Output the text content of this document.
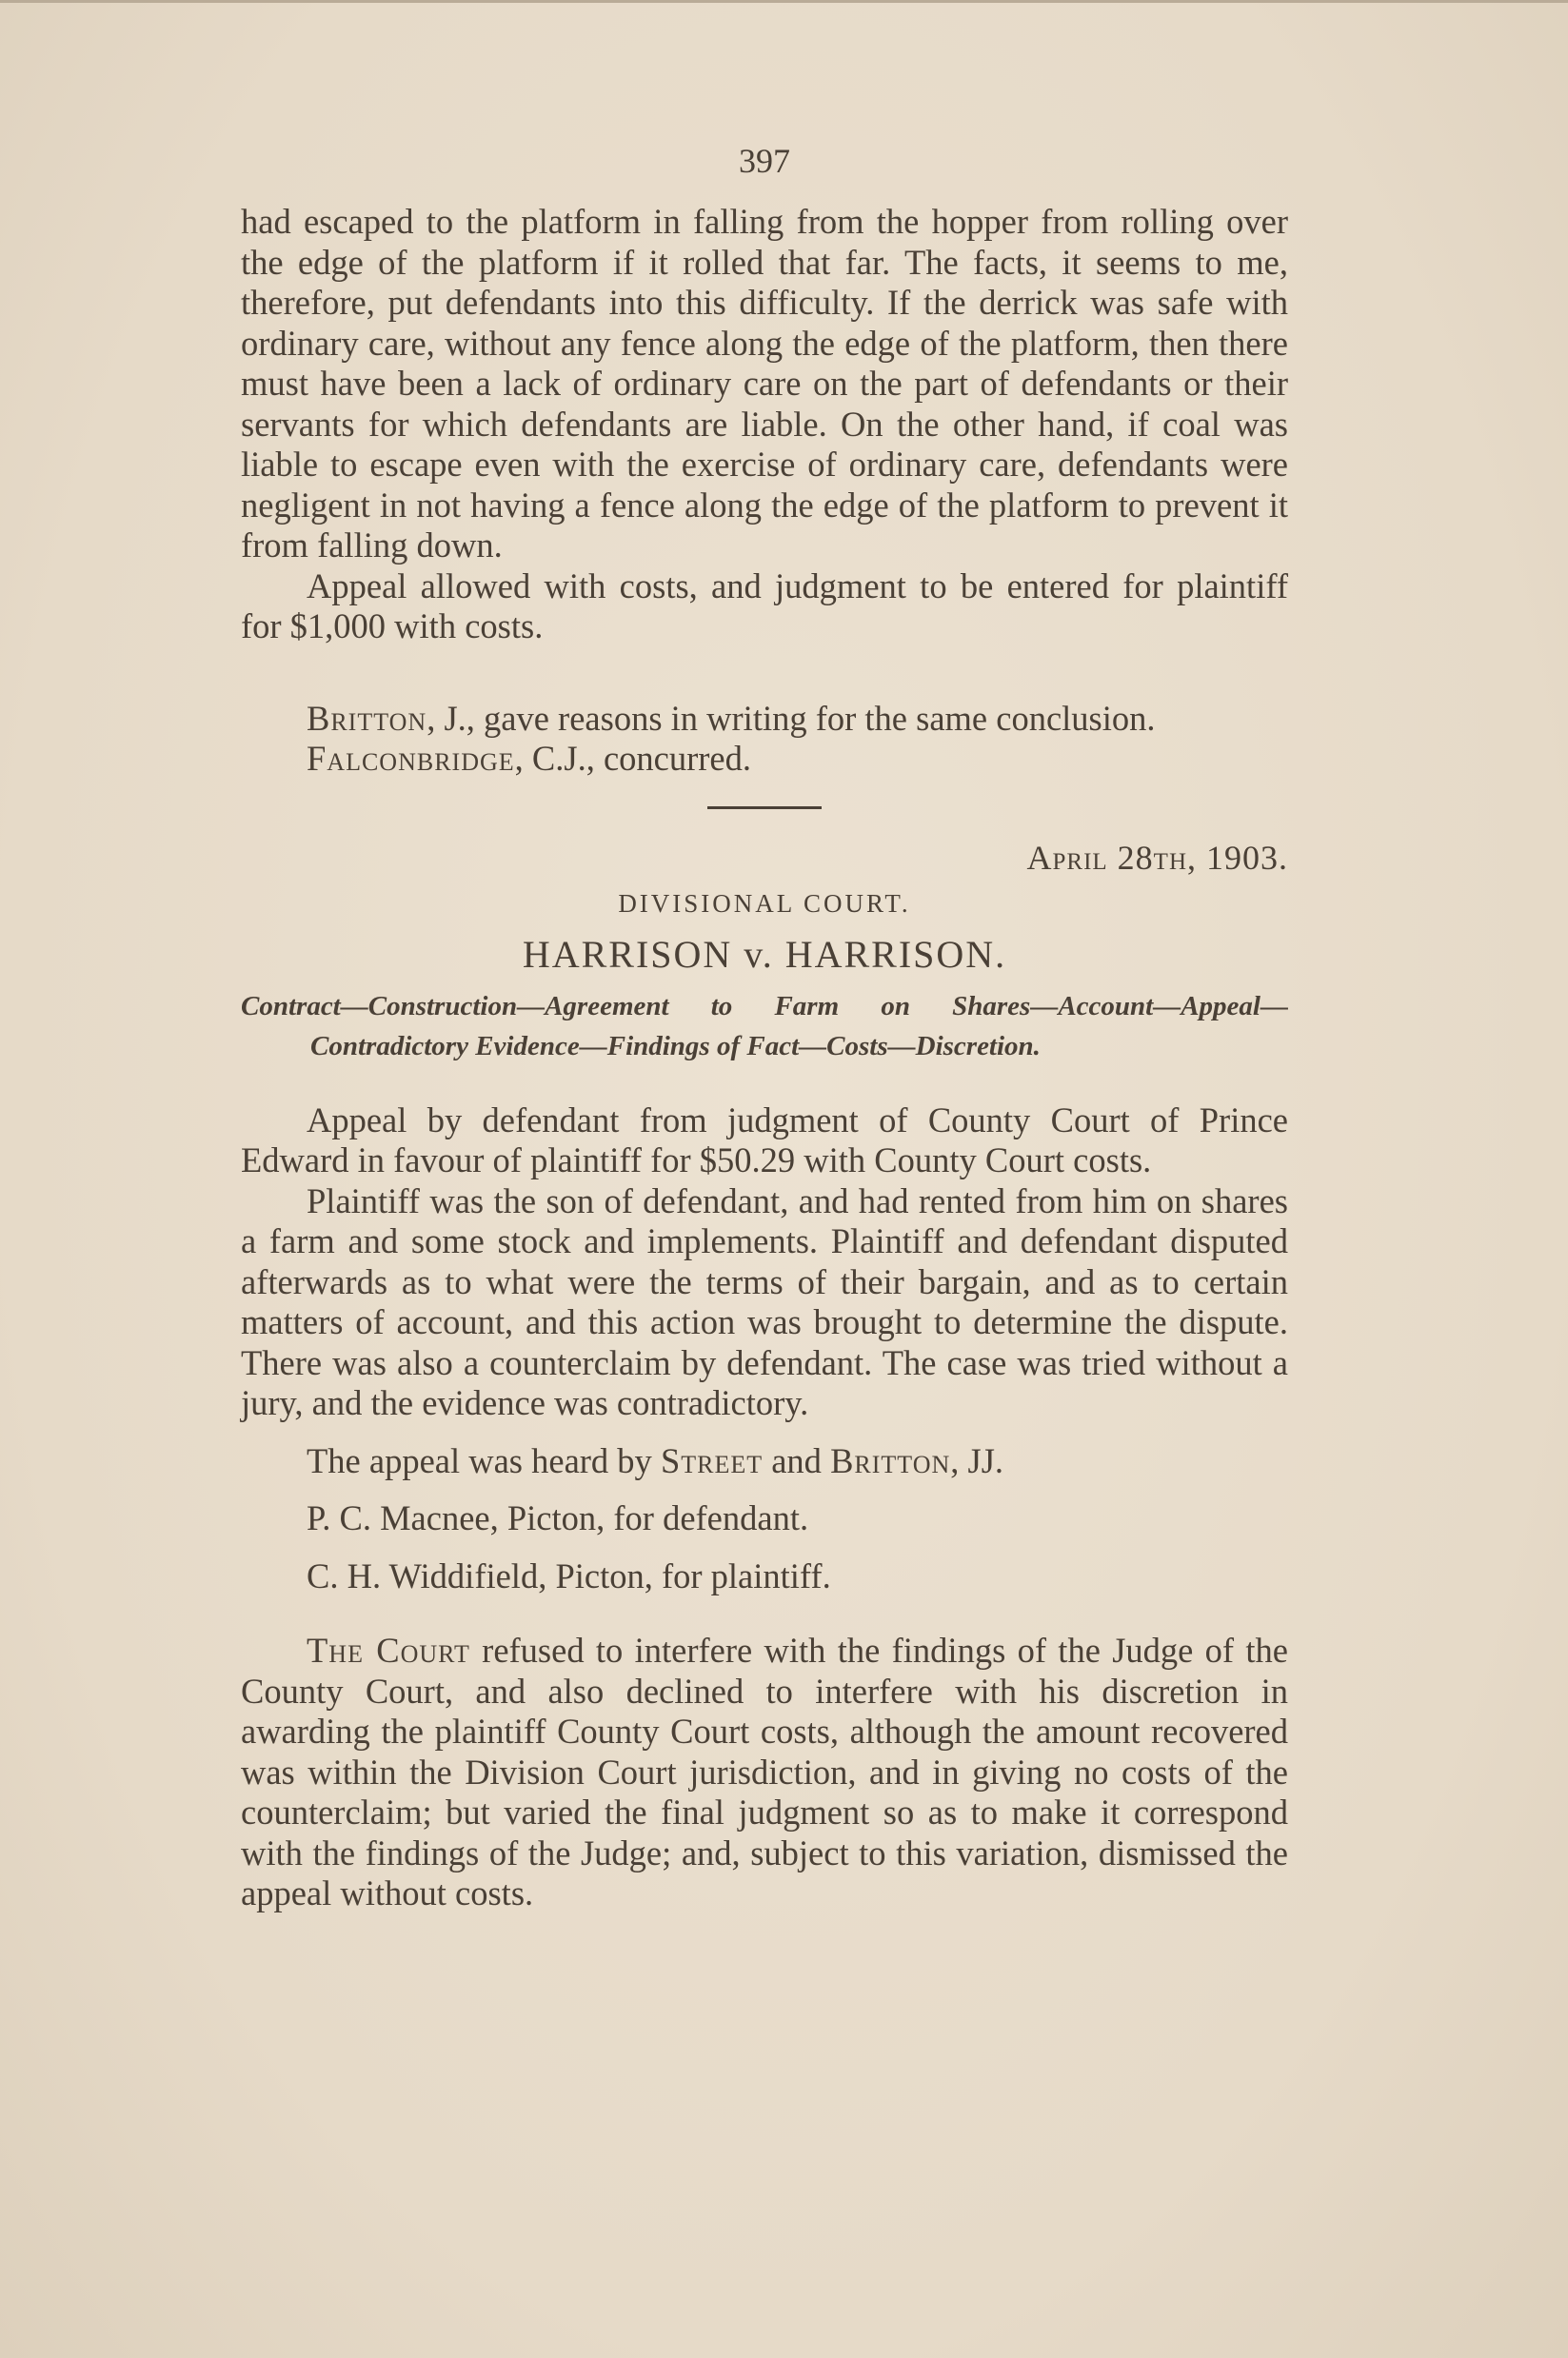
397

had escaped to the platform in falling from the hopper from rolling over the edge of the platform if it rolled that far. The facts, it seems to me, therefore, put defendants into this difficulty. If the derrick was safe with ordinary care, without any fence along the edge of the platform, then there must have been a lack of ordinary care on the part of defendants or their servants for which defendants are liable. On the other hand, if coal was liable to escape even with the exercise of ordinary care, defendants were negligent in not having a fence along the edge of the platform to prevent it from falling down.

Appeal allowed with costs, and judgment to be entered for plaintiff for $1,000 with costs.

Britton, J., gave reasons in writing for the same conclusion.

Falconbridge, C.J., concurred.

April 28th, 1903.
DIVISIONAL COURT.
HARRISON v. HARRISON.
Contract—Construction—Agreement to Farm on Shares—Account—Appeal—Contradictory Evidence—Findings of Fact—Costs—Discretion.

Appeal by defendant from judgment of County Court of Prince Edward in favour of plaintiff for $50.29 with County Court costs.

Plaintiff was the son of defendant, and had rented from him on shares a farm and some stock and implements. Plaintiff and defendant disputed afterwards as to what were the terms of their bargain, and as to certain matters of account, and this action was brought to determine the dispute. There was also a counterclaim by defendant. The case was tried without a jury, and the evidence was contradictory.

The appeal was heard by Street and Britton, JJ.

P. C. Macnee, Picton, for defendant.

C. H. Widdifield, Picton, for plaintiff.

The Court refused to interfere with the findings of the Judge of the County Court, and also declined to interfere with his discretion in awarding the plaintiff County Court costs, although the amount recovered was within the Division Court jurisdiction, and in giving no costs of the counterclaim; but varied the final judgment so as to make it correspond with the findings of the Judge; and, subject to this variation, dismissed the appeal without costs.
